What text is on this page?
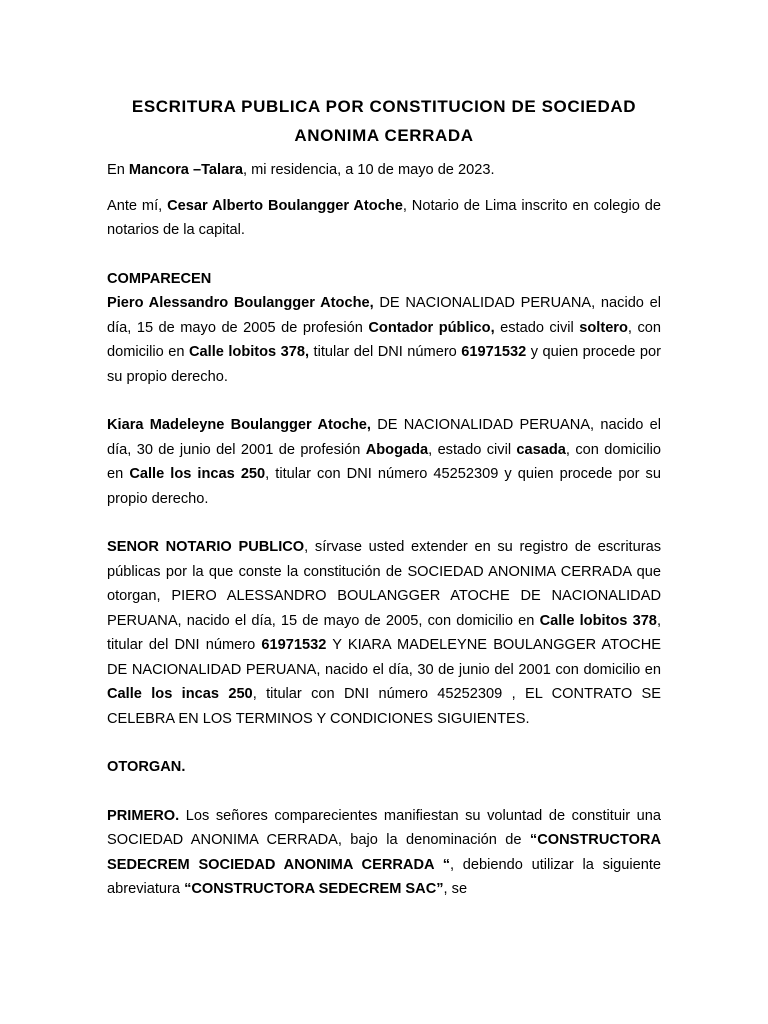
ESCRITURA PUBLICA POR CONSTITUCION DE SOCIEDAD
ANONIMA CERRADA

En Mancora –Talara, mi residencia, a 10 de mayo de 2023.

Ante mí, Cesar Alberto Boulangger Atoche, Notario de Lima inscrito en colegio de notarios de la capital.

COMPARECEN

Piero Alessandro Boulangger Atoche, DE NACIONALIDAD PERUANA, nacido el día, 15 de mayo de 2005 de profesión Contador público, estado civil soltero, con domicilio en Calle lobitos 378, titular del DNI número 61971532 y quien procede por su propio derecho.

Kiara Madeleyne Boulangger Atoche, DE NACIONALIDAD PERUANA, nacido el día, 30 de junio del 2001 de profesión Abogada, estado civil casada, con domicilio en Calle los incas 250, titular con DNI número 45252309 y quien procede por su propio derecho.

SENOR NOTARIO PUBLICO, sírvase usted extender en su registro de escrituras públicas por la que conste la constitución de SOCIEDAD ANONIMA CERRADA que otorgan, PIERO ALESSANDRO BOULANGGER ATOCHE DE NACIONALIDAD PERUANA, nacido el día, 15 de mayo de 2005, con domicilio en Calle lobitos 378, titular del DNI número 61971532 Y KIARA MADELEYNE BOULANGGER ATOCHE DE NACIONALIDAD PERUANA, nacido el día, 30 de junio del 2001 con domicilio en Calle los incas 250, titular con DNI número 45252309 , EL CONTRATO SE CELEBRA EN LOS TERMINOS Y CONDICIONES SIGUIENTES.

OTORGAN.

PRIMERO. Los señores comparecientes manifiestan su voluntad de constituir una SOCIEDAD ANONIMA CERRADA, bajo la denominación de “CONSTRUCTORA SEDECREM SOCIEDAD ANONIMA CERRADA “, debiendo utilizar la siguiente abreviatura “CONSTRUCTORA SEDECREM SAC”, se
